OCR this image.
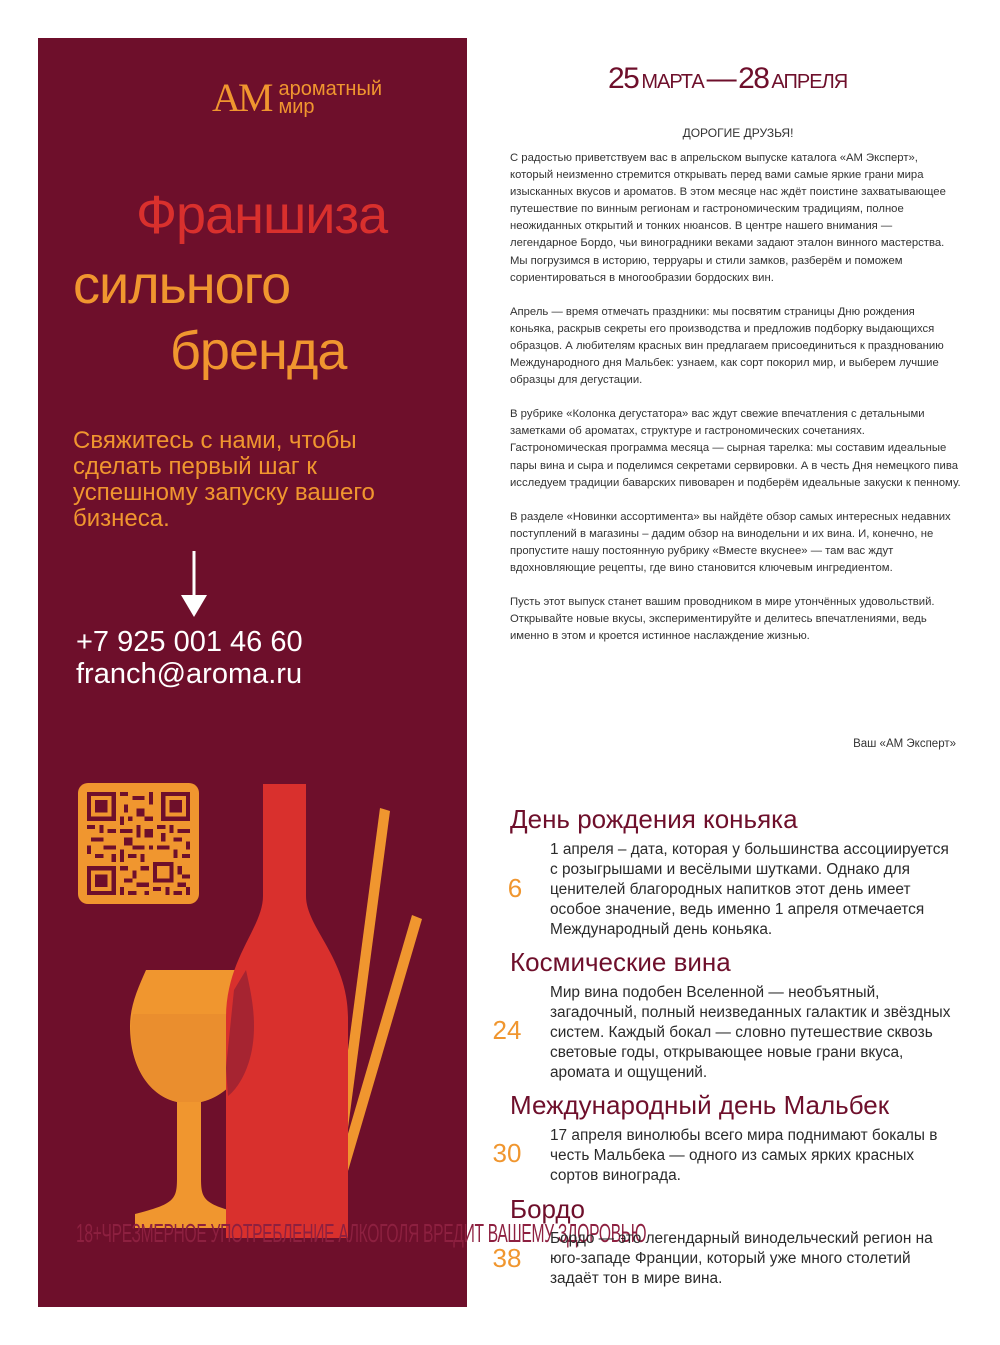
АМ ароматный
мир
Франшиза
сильного
бренда
Свяжитесь с нами, чтобы сделать первый шаг к успешному запуску вашего бизнеса.
+7 925 001 46 60
franch@aroma.ru
18+ЧРЕЗМЕРНОЕ УПОТРЕБЛЕНИЕ АЛКОГОЛЯ ВРЕДИТ ВАШЕМУ ЗДОРОВЬЮ
25 МАРТА — 28 АПРЕЛЯ
ДОРОГИЕ ДРУЗЬЯ!

С радостью приветствуем вас в апрельском выпуске каталога «АМ Эксперт», который неизменно стремится открывать перед вами самые яркие грани мира изысканных вкусов и ароматов. В этом месяце нас ждёт поистине захватывающее путешествие по винным регионам и гастрономическим традициям, полное неожиданных открытий и тонких нюансов. В центре нашего внимания — легендарное Бордо, чьи виноградники веками задают эталон винного мастерства. Мы погрузимся в историю, терруары и стили замков, разберём и поможем сориентироваться в многообразии бордоских вин.

Апрель — время отмечать праздники: мы посвятим страницы Дню рождения коньяка, раскрыв секреты его производства и предложив подборку выдающихся образцов. А любителям красных вин предлагаем присоединиться к празднованию Международного дня Мальбек: узнаем, как сорт покорил мир, и выберем лучшие образцы для дегустации.

В рубрике «Колонка дегустатора» вас ждут свежие впечатления с детальными заметками об ароматах, структуре и гастрономических сочетаниях. Гастрономическая программа месяца — сырная тарелка: мы составим идеальные пары вина и сыра и поделимся секретами сервировки. А в честь Дня немецкого пива исследуем традиции баварских пивоварен и подберём идеальные закуски к пенному.

В разделе «Новинки ассортимента» вы найдёте обзор самых интересных недавних поступлений в магазины – дадим обзор на винодельни и их вина. И, конечно, не пропустите нашу постоянную рубрику «Вместе вкуснее» — там вас ждут вдохновляющие рецепты, где вино становится ключевым ингредиентом.

Пусть этот выпуск станет вашим проводником в мире утончённых удовольствий. Открывайте новые вкусы, экспериментируйте и делитесь впечатлениями, ведь именно в этом и кроется истинное наслаждение жизнью.

Ваш «АМ Эксперт»
День рождения коньяка
6
1 апреля – дата, которая у большинства ассоциируется с розыгрышами и весёлыми шутками. Однако для ценителей благородных напитков этот день имеет особое значение, ведь именно 1 апреля отмечается Международный день коньяка.
Космические вина
24
Мир вина подобен Вселенной — необъятный, загадочный, полный неизведанных галактик и звёздных систем. Каждый бокал — словно путешествие сквозь световые годы, открывающее новые грани вкуса, аромата и ощущений.
Международный день Мальбек
30
17 апреля винолюбы всего мира поднимают бокалы в честь Мальбека — одного из самых ярких красных сортов винограда.
Бордо
38
Бордо — это легендарный винодельческий регион на юго-западе Франции, который уже много столетий задаёт тон в мире вина.
